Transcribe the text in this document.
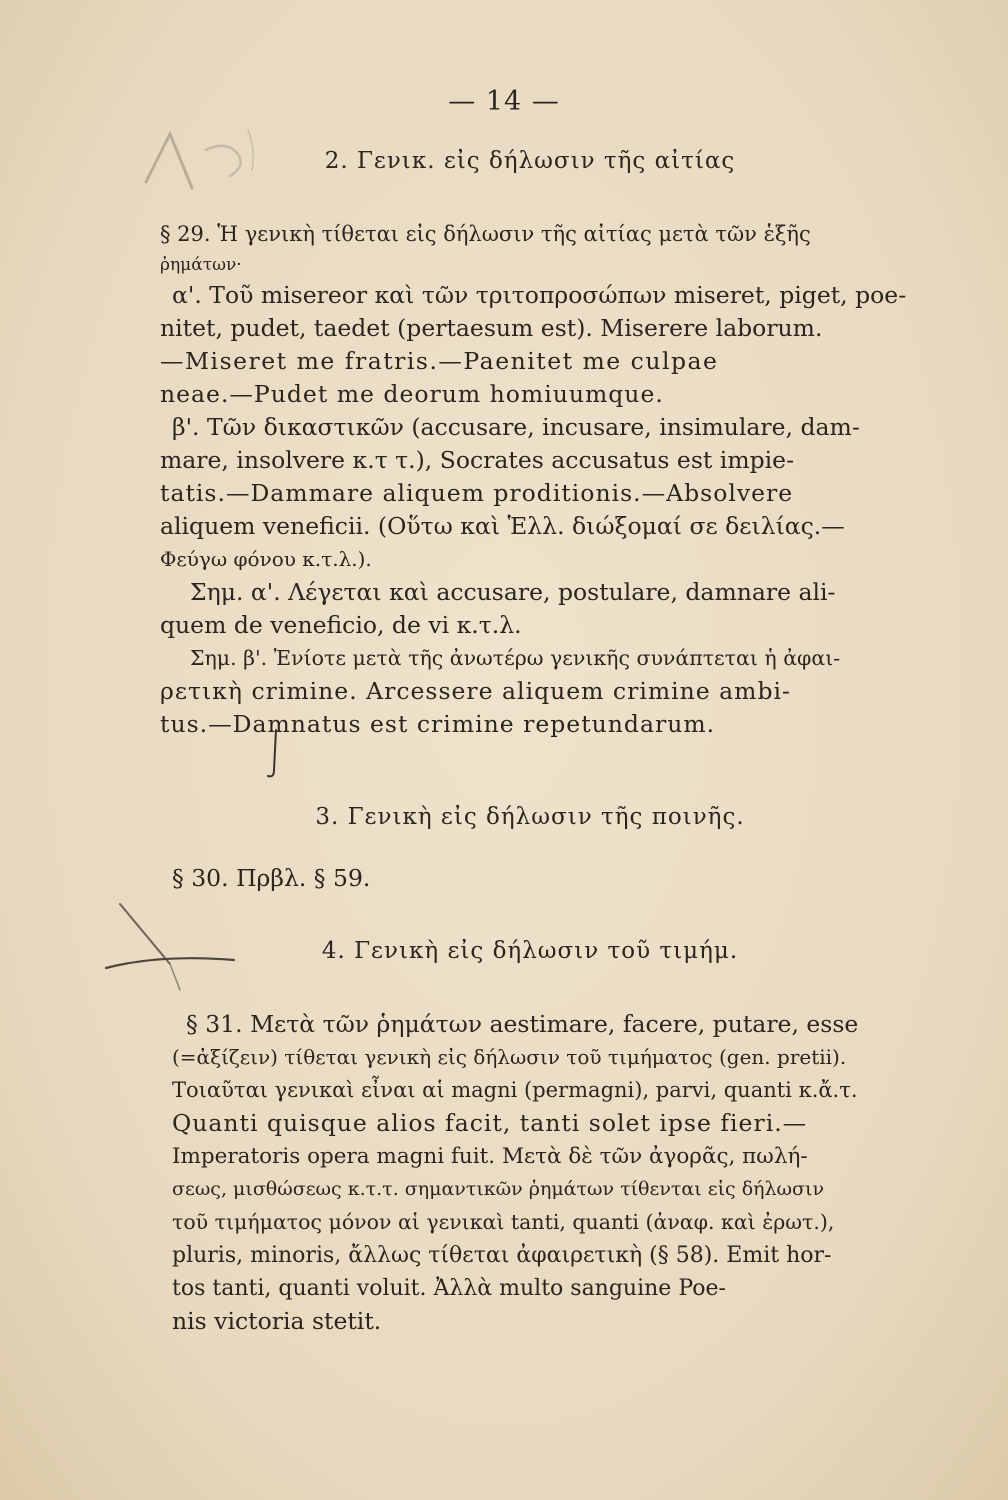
— 14 —
2. Γενικ. εἰς δήλωσιν τῆς αἰτίας
§ 29. Ἡ γενικὴ τίθεται εἰς δήλωσιν τῆς αἰτίας μετὰ τῶν ἑξῆς
ῥημάτων·
α'. Τοῦ misereor καὶ τῶν τριτοπροσώπων miseret, piget, poe-
nitet, pudet, taedet (pertaesum est). Miserere laborum.
—Miseret me fratris.—Paenitet me culpae
neae.—Pudet me deorum homiuumque.
β'. Τῶν δικαστικῶν (accusare, incusare, insimulare, dam-
mare, insolvere κ.τ τ.), Socrates accusatus est impie-
tatis.—Dammare aliquem proditionis.—Absolvere
aliquem veneficii. (Οὕτω καὶ Ἑλλ. διώξομαί σε δειλίας.—
Φεύγω φόνου κ.τ.λ.).
Σημ. α'. Λέγεται καὶ accusare, postulare, damnare ali-
quem de veneficio, de vi κ.τ.λ.
Σημ. β'. Ἐνίοτε μετὰ τῆς ἀνωτέρω γενικῆς συνάπτεται ἡ ἀφαι-
ρετικὴ crimine. Arcessere aliquem crimine ambi-
tus.—Damnatus est crimine repetundarum.
3. Γενικὴ εἰς δήλωσιν τῆς ποινῆς.
§ 30. Πρβλ. § 59.
4. Γενικὴ εἰς δήλωσιν τοῦ τιμήμ.
§ 31. Μετὰ τῶν ῥημάτων aestimare, facere, putare, esse
(=ἀξίζειν) τίθεται γενικὴ εἰς δήλωσιν τοῦ τιμήματος (gen. pretii).
Τοιαῦται γενικαὶ εἶναι αἱ magni (permagni), parvi, quanti κ.ἄ.τ.
Quanti quisque alios facit, tanti solet ipse fieri.—
Imperatoris opera magni fuit. Μετὰ δὲ τῶν ἀγορᾶς, πωλή-
σεως, μισθώσεως κ.τ.τ. σημαντικῶν ῥημάτων τίθενται εἰς δήλωσιν
τοῦ τιμήματος μόνον αἱ γενικαὶ tanti, quanti (ἀναφ. καὶ ἐρωτ.),
pluris, minoris, ἄλλως τίθεται ἀφαιρετικὴ (§ 58). Emit hor-
tos tanti, quanti voluit. Ἀλλὰ multo sanguine Poe-
nis victoria stetit.
